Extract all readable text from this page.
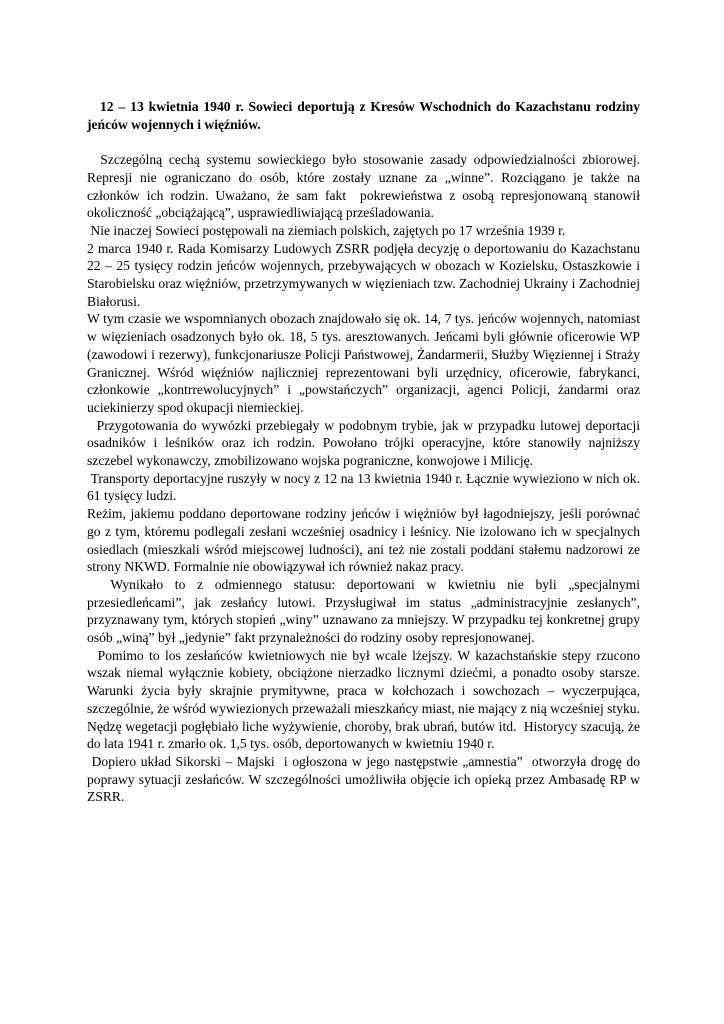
12 – 13 kwietnia 1940 r. Sowieci deportują z Kresów Wschodnich do Kazachstanu rodziny jeńców wojennych i więźniów.

Szczególną cechą systemu sowieckiego było stosowanie zasady odpowiedzialności zbiorowej. Represji nie ograniczano do osób, które zostały uznane za „winne”. Rozciągano je także na  członków ich rodzin. Uważano, że sam fakt  pokrewieństwa z osobą represjonowaną stanowił okoliczność „obciążającą”, usprawiedliwiającą prześladowania.

Nie inaczej Sowieci postępowali na ziemiach polskich, zajętych po 17 września 1939 r.

2 marca 1940 r. Rada Komisarzy Ludowych ZSRR podjęła decyzję o deportowaniu do Kazachstanu 22 – 25 tysięcy rodzin jeńców wojennych, przebywających w obozach w Kozielsku, Ostaszkowie i Starobielsku oraz więźniów, przetrzymywanych w więzieniach tzw. Zachodniej Ukrainy i Zachodniej Białorusi.

W tym czasie we wspomnianych obozach znajdowało się ok. 14, 7 tys. jeńców wojennych, natomiast w więzieniach osadzonych było ok. 18, 5 tys. aresztowanych. Jeńcami byli głównie oficerowie WP (zawodowi i rezerwy), funkcjonariusze Policji Państwowej, Żandarmerii, Służby Więziennej i Straży Granicznej. Wśród więźniów najliczniej reprezentowani byli urzędnicy, oficerowie, fabrykanci, członkowie „kontrrewolucyjnych” i „powstańczych” organizacji, agenci Policji, żandarmi oraz uciekinierzy spod okupacji niemieckiej.

Przygotowania do wywózki przebiegały w podobnym trybie, jak w przypadku lutowej deportacji osadników i leśników oraz ich rodzin. Powołano trójki operacyjne, które stanowiły najniższy szczebel wykonawczy, zmobilizowano wojska pograniczne, konwojowe i Milicję.

Transporty deportacyjne ruszyły w nocy z 12 na 13 kwietnia 1940 r. Łącznie wywieziono w nich ok. 61 tysięcy ludzi.

Reżim, jakiemu poddano deportowane rodziny jeńców i więźniów był łagodniejszy, jeśli porównać go z tym, któremu podlegali zesłani wcześniej osadnicy i leśnicy. Nie izolowano ich w specjalnych osiedlach (mieszkali wśród miejscowej ludności), ani też nie zostali poddani stałemu nadzorowi ze strony NKWD. Formalnie nie obowiązywał ich również nakaz pracy.

Wynikało to z odmiennego statusu: deportowani w kwietniu nie byli „specjalnymi przesiedleńcami”, jak zesłańcy lutowi. Przysługiwał im status „administracyjnie zesłanych”, przyznawany tym, których stopień „winy” uznawano za mniejszy. W przypadku tej konkretnej grupy osób „winą” był „jedynie” fakt przynależności do rodziny osoby represjonowanej.

Pomimo to los zesłańców kwietniowych nie był wcale lżejszy. W kazachstańskie stepy rzucono wszak niemal wyłącznie kobiety, obciążone nierzadko licznymi dziećmi, a ponadto osoby starsze. Warunki życia były skrajnie prymitywne, praca w kołchozach i sowchozach – wyczerpująca, szczególnie, że wśród wywiezionych przeważali mieszkańcy miast, nie mający z nią wcześniej styku. Nędzę wegetacji pogłębiało liche wyżywienie, choroby, brak ubrań, butów itd.  Historycy szacują, że do lata 1941 r. zmarło ok. 1,5 tys. osób, deportowanych w kwietniu 1940 r.

Dopiero układ Sikorski – Majski  i ogłoszona w jego następstwie „amnestia”  otworzyła drogę do poprawy sytuacji zesłańców. W szczególności umożliwiła objęcie ich opieką przez Ambasadę RP w ZSRR.
